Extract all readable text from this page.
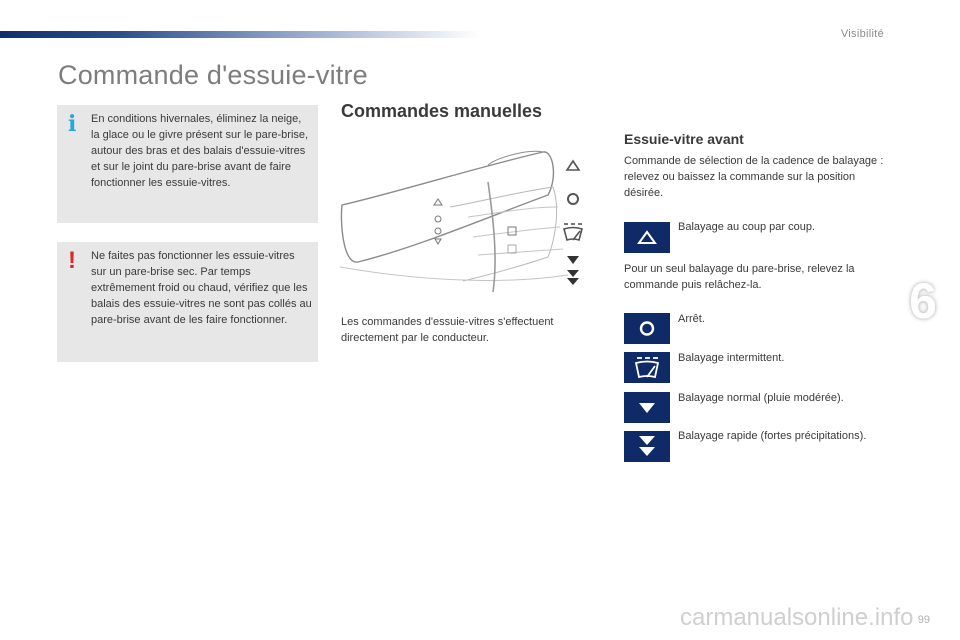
Visibilité
Commande d'essuie-vitre
i En conditions hivernales, éliminez la neige, la glace ou le givre présent sur le pare-brise, autour des bras et des balais d'essuie-vitres et sur le joint du pare-brise avant de faire fonctionner les essuie-vitres.

! Ne faites pas fonctionner les essuie-vitres sur un pare-brise sec. Par temps extrêmement froid ou chaud, vérifiez que les balais des essuie-vitres ne sont pas collés au pare-brise avant de les faire fonctionner.

Commandes manuelles

Les commandes d'essuie-vitres s'effectuent directement par le conducteur.

Essuie-vitre avant

Commande de sélection de la cadence de balayage : relevez ou baissez la commande sur la position désirée.

Balayage au coup par coup.

Pour un seul balayage du pare-brise, relevez la commande puis relâchez-la.

Arrêt.

Balayage intermittent.

Balayage normal (pluie modérée).

Balayage rapide (fortes précipitations).

6
99
carmanualsonline.info
